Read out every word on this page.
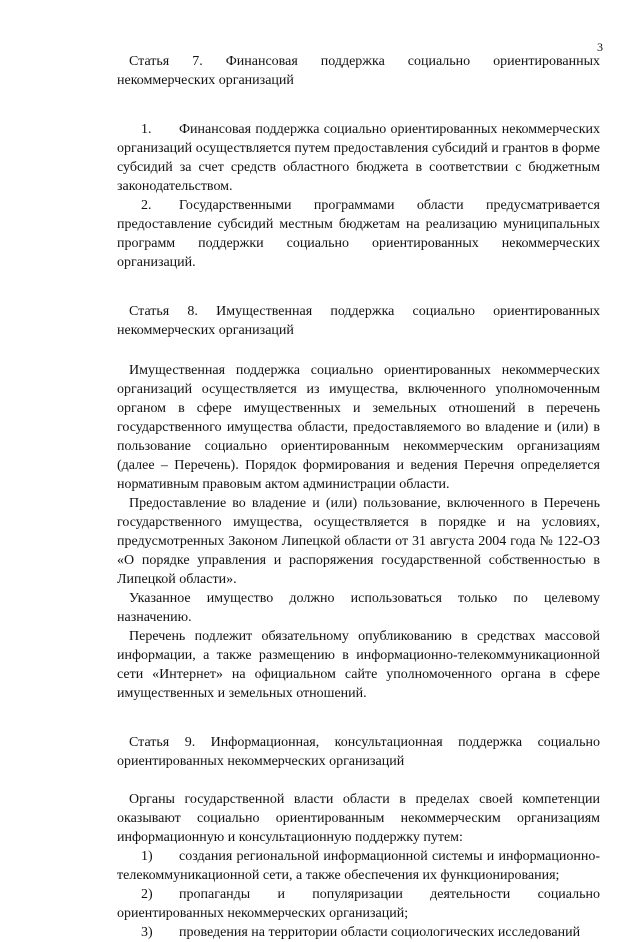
3

Статья 7. Финансовая поддержка социально ориентированных некоммерческих организаций

1. Финансовая поддержка социально ориентированных некоммерческих организаций осуществляется путем предоставления субсидий и грантов в форме субсидий за счет средств областного бюджета в соответствии с бюджетным законодательством.

2. Государственными программами области предусматривается предоставление субсидий местным бюджетам на реализацию муниципальных программ поддержки социально ориентированных некоммерческих организаций.

Статья 8. Имущественная поддержка социально ориентированных некоммерческих организаций

Имущественная поддержка социально ориентированных некоммерческих организаций осуществляется из имущества, включенного уполномоченным органом в сфере имущественных и земельных отношений в перечень государственного имущества области, предоставляемого во владение и (или) в пользование социально ориентированным некоммерческим организациям (далее – Перечень). Порядок формирования и ведения Перечня определяется нормативным правовым актом администрации области.

Предоставление во владение и (или) пользование, включенного в Перечень государственного имущества, осуществляется в порядке и на условиях, предусмотренных Законом Липецкой области от 31 августа 2004 года № 122-ОЗ «О порядке управления и распоряжения государственной собственностью в Липецкой области».

Указанное имущество должно использоваться только по целевому назначению.

Перечень подлежит обязательному опубликованию в средствах массовой информации, а также размещению в информационно-телекоммуникационной сети «Интернет» на официальном сайте уполномоченного органа в сфере имущественных и земельных отношений.

Статья 9. Информационная, консультационная поддержка социально ориентированных некоммерческих организаций

Органы государственной власти области в пределах своей компетенции оказывают социально ориентированным некоммерческим организациям информационную и консультационную поддержку путем:

1) создания региональной информационной системы и информационно-телекоммуникационной сети, а также обеспечения их функционирования;

2) пропаганды и популяризации деятельности социально ориентированных некоммерческих организаций;

3) проведения на территории области социологических исследований
